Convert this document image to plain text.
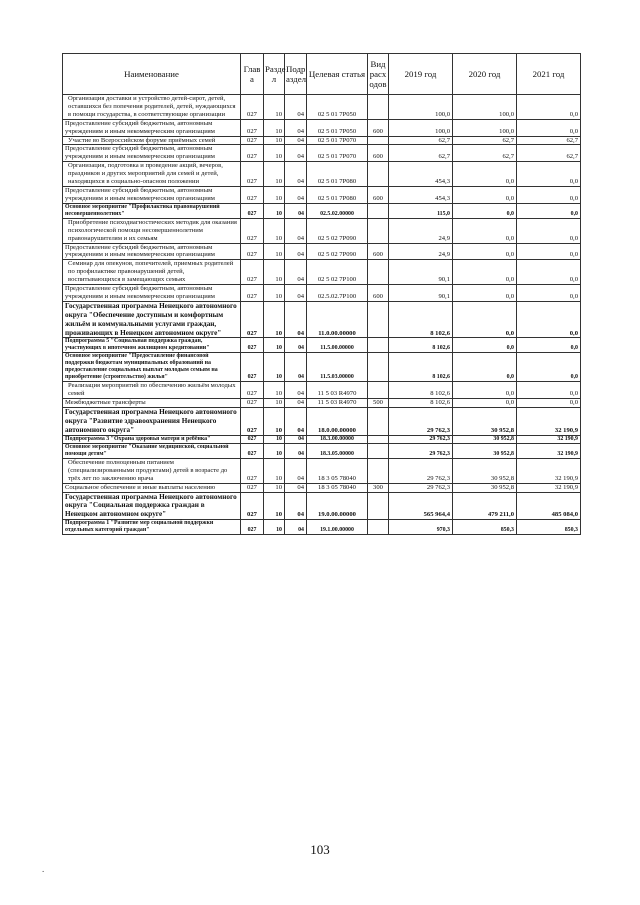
Наименование	Глав а	Разде л	Подр аздел	Целевая статья	Вид расх одов	2019 год	2020 год	2021 год
Организация доставки и устройство детей-сирот, детей, оставшихся без попечения родителей, детей, нуждающихся в помощи государства, в соответствующие организации	027	10	04	02 5 01 7Р050		100,0	100,0	0,0
Предоставление субсидий бюджетным, автономным учреждениям и иным некоммерческим организациям	027	10	04	02 5 01 7Р050	600	100,0	100,0	0,0
Участие во Всероссийском форуме приёмных семей	027	10	04	02 5 01 7Р070		62,7	62,7	62,7
Предоставление субсидий бюджетным, автономным учреждениям и иным некоммерческим организациям	027	10	04	02 5 01 7Р070	600	62,7	62,7	62,7
Организация, подготовка и проведение акций, вечеров, праздников и других мероприятий для семей и детей, находящихся в социально-опасном положении	027	10	04	02 5 01 7Р080		454,3	0,0	0,0
Предоставление субсидий бюджетным, автономным учреждениям и иным некоммерческим организациям	027	10	04	02 5 01 7Р080	600	454,3	0,0	0,0
Основное мероприятие "Профилактика правонарушений несовершеннолетних"	027	10	04	02.5.02.00000		115,0	0,0	0,0
Приобретение психодиагностических методик для оказания психологической помощи несовершеннолетним правонарушителям и их семьям	027	10	04	02 5 02 7Р090		24,9	0,0	0,0
Предоставление субсидий бюджетным, автономным учреждениям и иным некоммерческим организациям	027	10	04	02 5 02 7Р090	600	24,9	0,0	0,0
Семинар для опекунов, попечителей, приемных родителей по профилактике правонарушений детей, воспитывающихся в замещающих семьях	027	10	04	02 5 02 7Р100		90,1	0,0	0,0
Предоставление субсидий бюджетным, автономным учреждениям и иным некоммерческим организациям	027	10	04	02.5.02.7Р100	600	90,1	0,0	0,0
Государственная программа Ненецкого автономного округа "Обеспечение доступным и комфортным жильём и коммунальными услугами граждан, проживающих в Ненецком автономном округе"	027	10	04	11.0.00.00000		8 102,6	0,0	0,0
Подпрограмма 5 "Социальная поддержка граждан, участвующих в ипотечном жилищном кредитовании"	027	10	04	11.5.00.00000		8 102,6	0,0	0,0
Основное мероприятие "Предоставление финансовой поддержки бюджетам муниципальных образований на предоставление социальных выплат молодым семьям на приобретение (строительство) жилья"	027	10	04	11.5.03.00000		8 102,6	0,0	0,0
Реализация мероприятий по обеспечению жильём молодых семей	027	10	04	11 5 03 R4970		8 102,6	0,0	0,0
Межбюджетные трансферты	027	10	04	11 5 03 R4970	500	8 102,6	0,0	0,0
Государственная программа Ненецкого автономного округа "Развитие здравоохранения Ненецкого автономного округа"	027	10	04	18.0.00.00000		29 762,3	30 952,8	32 190,9
Подпрограмма 3 "Охрана здоровья матери и ребёнка"	027	10	04	18.3.00.00000		29 762,3	30 952,8	32 190,9
Основное мероприятие "Оказание медицинской, социальной помощи детям"	027	10	04	18.3.05.00000		29 762,3	30 952,8	32 190,9
Обеспечение полноценным питанием (специализированными продуктами) детей в возрасте до трёх лет по заключению врача	027	10	04	18 3 05 78040		29 762,3	30 952,8	32 190,9
Социальное обеспечение и иные выплаты населению	027	10	04	18 3 05 78040	300	29 762,3	30 952,8	32 190,9
Государственная программа Ненецкого автономного округа "Социальная поддержка граждан в Ненецком автономном округе"	027	10	04	19.0.00.00000		565 964,4	479 211,0	485 084,0
Подпрограмма 1 "Развитие мер социальной поддержки отдельных категорий граждан"	027	10	04	19.1.00.00000		970,3	850,3	850,3
103
.
